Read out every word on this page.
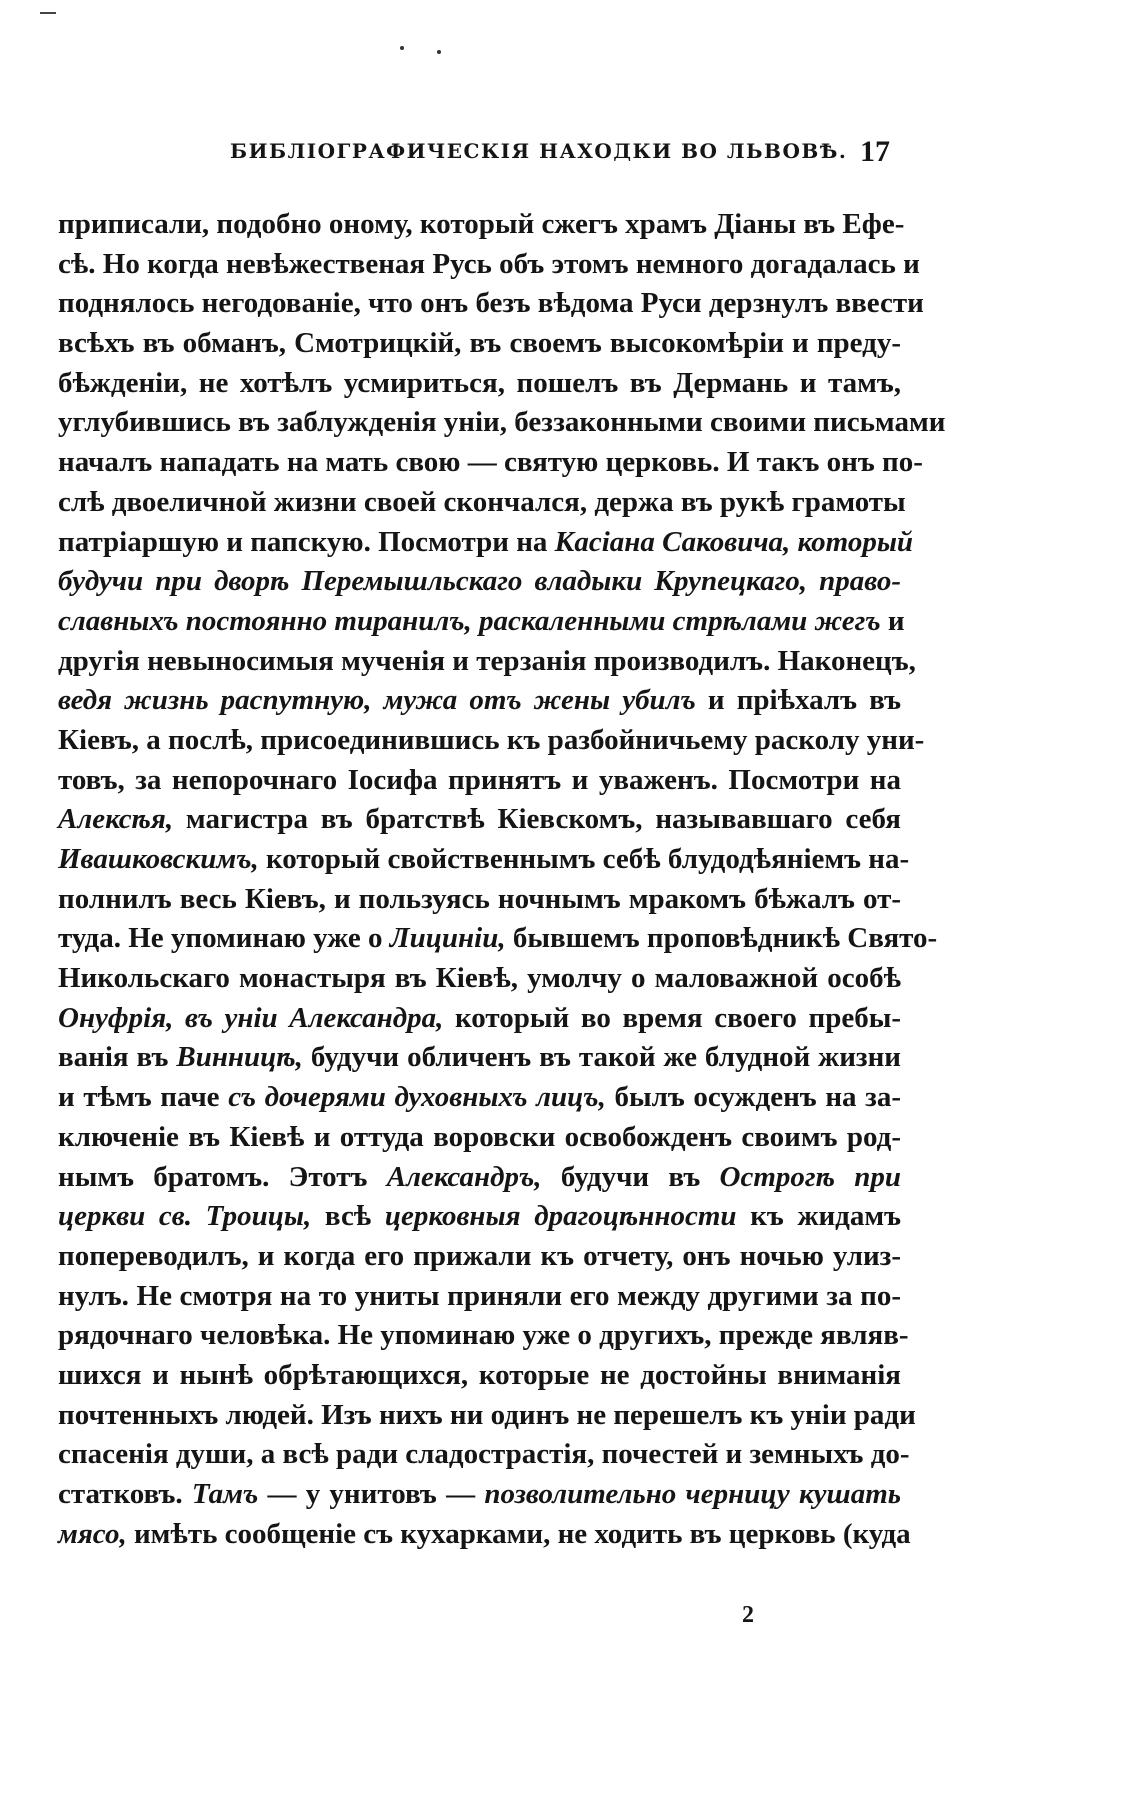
БИБЛІОГРАФИЧЕСКІЯ НАХОДКИ ВО ЛЬВОВѢ. 17
приписали, подобно оному, который сжегъ храмъ Діаны въ Ефе-
сѣ. Но когда невѣжественая Русь объ этомъ немного догадалась и
поднялось негодованіе, что онъ безъ вѣдома Руси дерзнулъ ввести
всѣхъ въ обманъ, Смотрицкій, въ своемъ высокомѣріи и преду-
бѣжденіи, не хотѣлъ усмириться, пошелъ въ Дермань и тамъ,
углубившись въ заблужденія уніи, беззаконными своими письмами
началъ нападать на мать свою — святую церковь. И такъ онъ по-
слѣ двоеличной жизни своей скончался, держа въ рукѣ грамоты
патріаршую и папскую. Посмотри на Касіана Саковича, который
будучи при дворѣ Перемышльскаго владыки Крупецкаго, право-
славныхъ постоянно тиранилъ, раскаленными стрѣлами жегъ и
другія невыносимыя мученія и терзанія производилъ. Наконецъ,
ведя жизнь распутную, мужа отъ жены убилъ и пріѣхалъ въ
Кіевъ, а послѣ, присоединившись къ разбойничьему расколу уни-
товъ, за непорочнаго Іосифа принятъ и уваженъ. Посмотри на
Алексѣя, магистра въ братствѣ Кіевскомъ, называвшаго себя
Ивашковскимъ, который свойственнымъ себѣ блудодѣяніемъ на-
полнилъ весь Кіевъ, и пользуясь ночнымъ мракомъ бѣжалъ от-
туда. Не упоминаю уже о Лицинiи, бывшемъ проповѣдникѣ Свято-
Никольскаго монастыря въ Кіевѣ, умолчу о маловажной особѣ
Онуфрія, въ уніи Александра, который во время своего пребы-
ванія въ Винницѣ, будучи обличенъ въ такой же блудной жизни
и тѣмъ паче съ дочерями духовныхъ лицъ, былъ осужденъ на за-
ключеніе въ Кіевѣ и оттуда воровски освобожденъ своимъ род-
нымъ братомъ. Этотъ Александръ, будучи въ Острогѣ при
церкви св. Троицы, всѣ церковныя драгоцѣнности къ жидамъ
попереводилъ, и когда его прижали къ отчету, онъ ночью улиз-
нулъ. Не смотря на то униты приняли его между другими за по-
рядочнаго человѣка. Не упоминаю уже о другихъ, прежде являв-
шихся и нынѣ обрѣтающихся, которые не достойны вниманія
почтенныхъ людей. Изъ нихъ ни одинъ не перешелъ къ уніи ради
спасенія души, а всѣ ради сладострастія, почестей и земныхъ до-
статковъ. Тамъ — у унитовъ — позволительно черницу кушать
мясо, имѣть сообщеніе съ кухарками, не ходить въ церковь (куда
2
